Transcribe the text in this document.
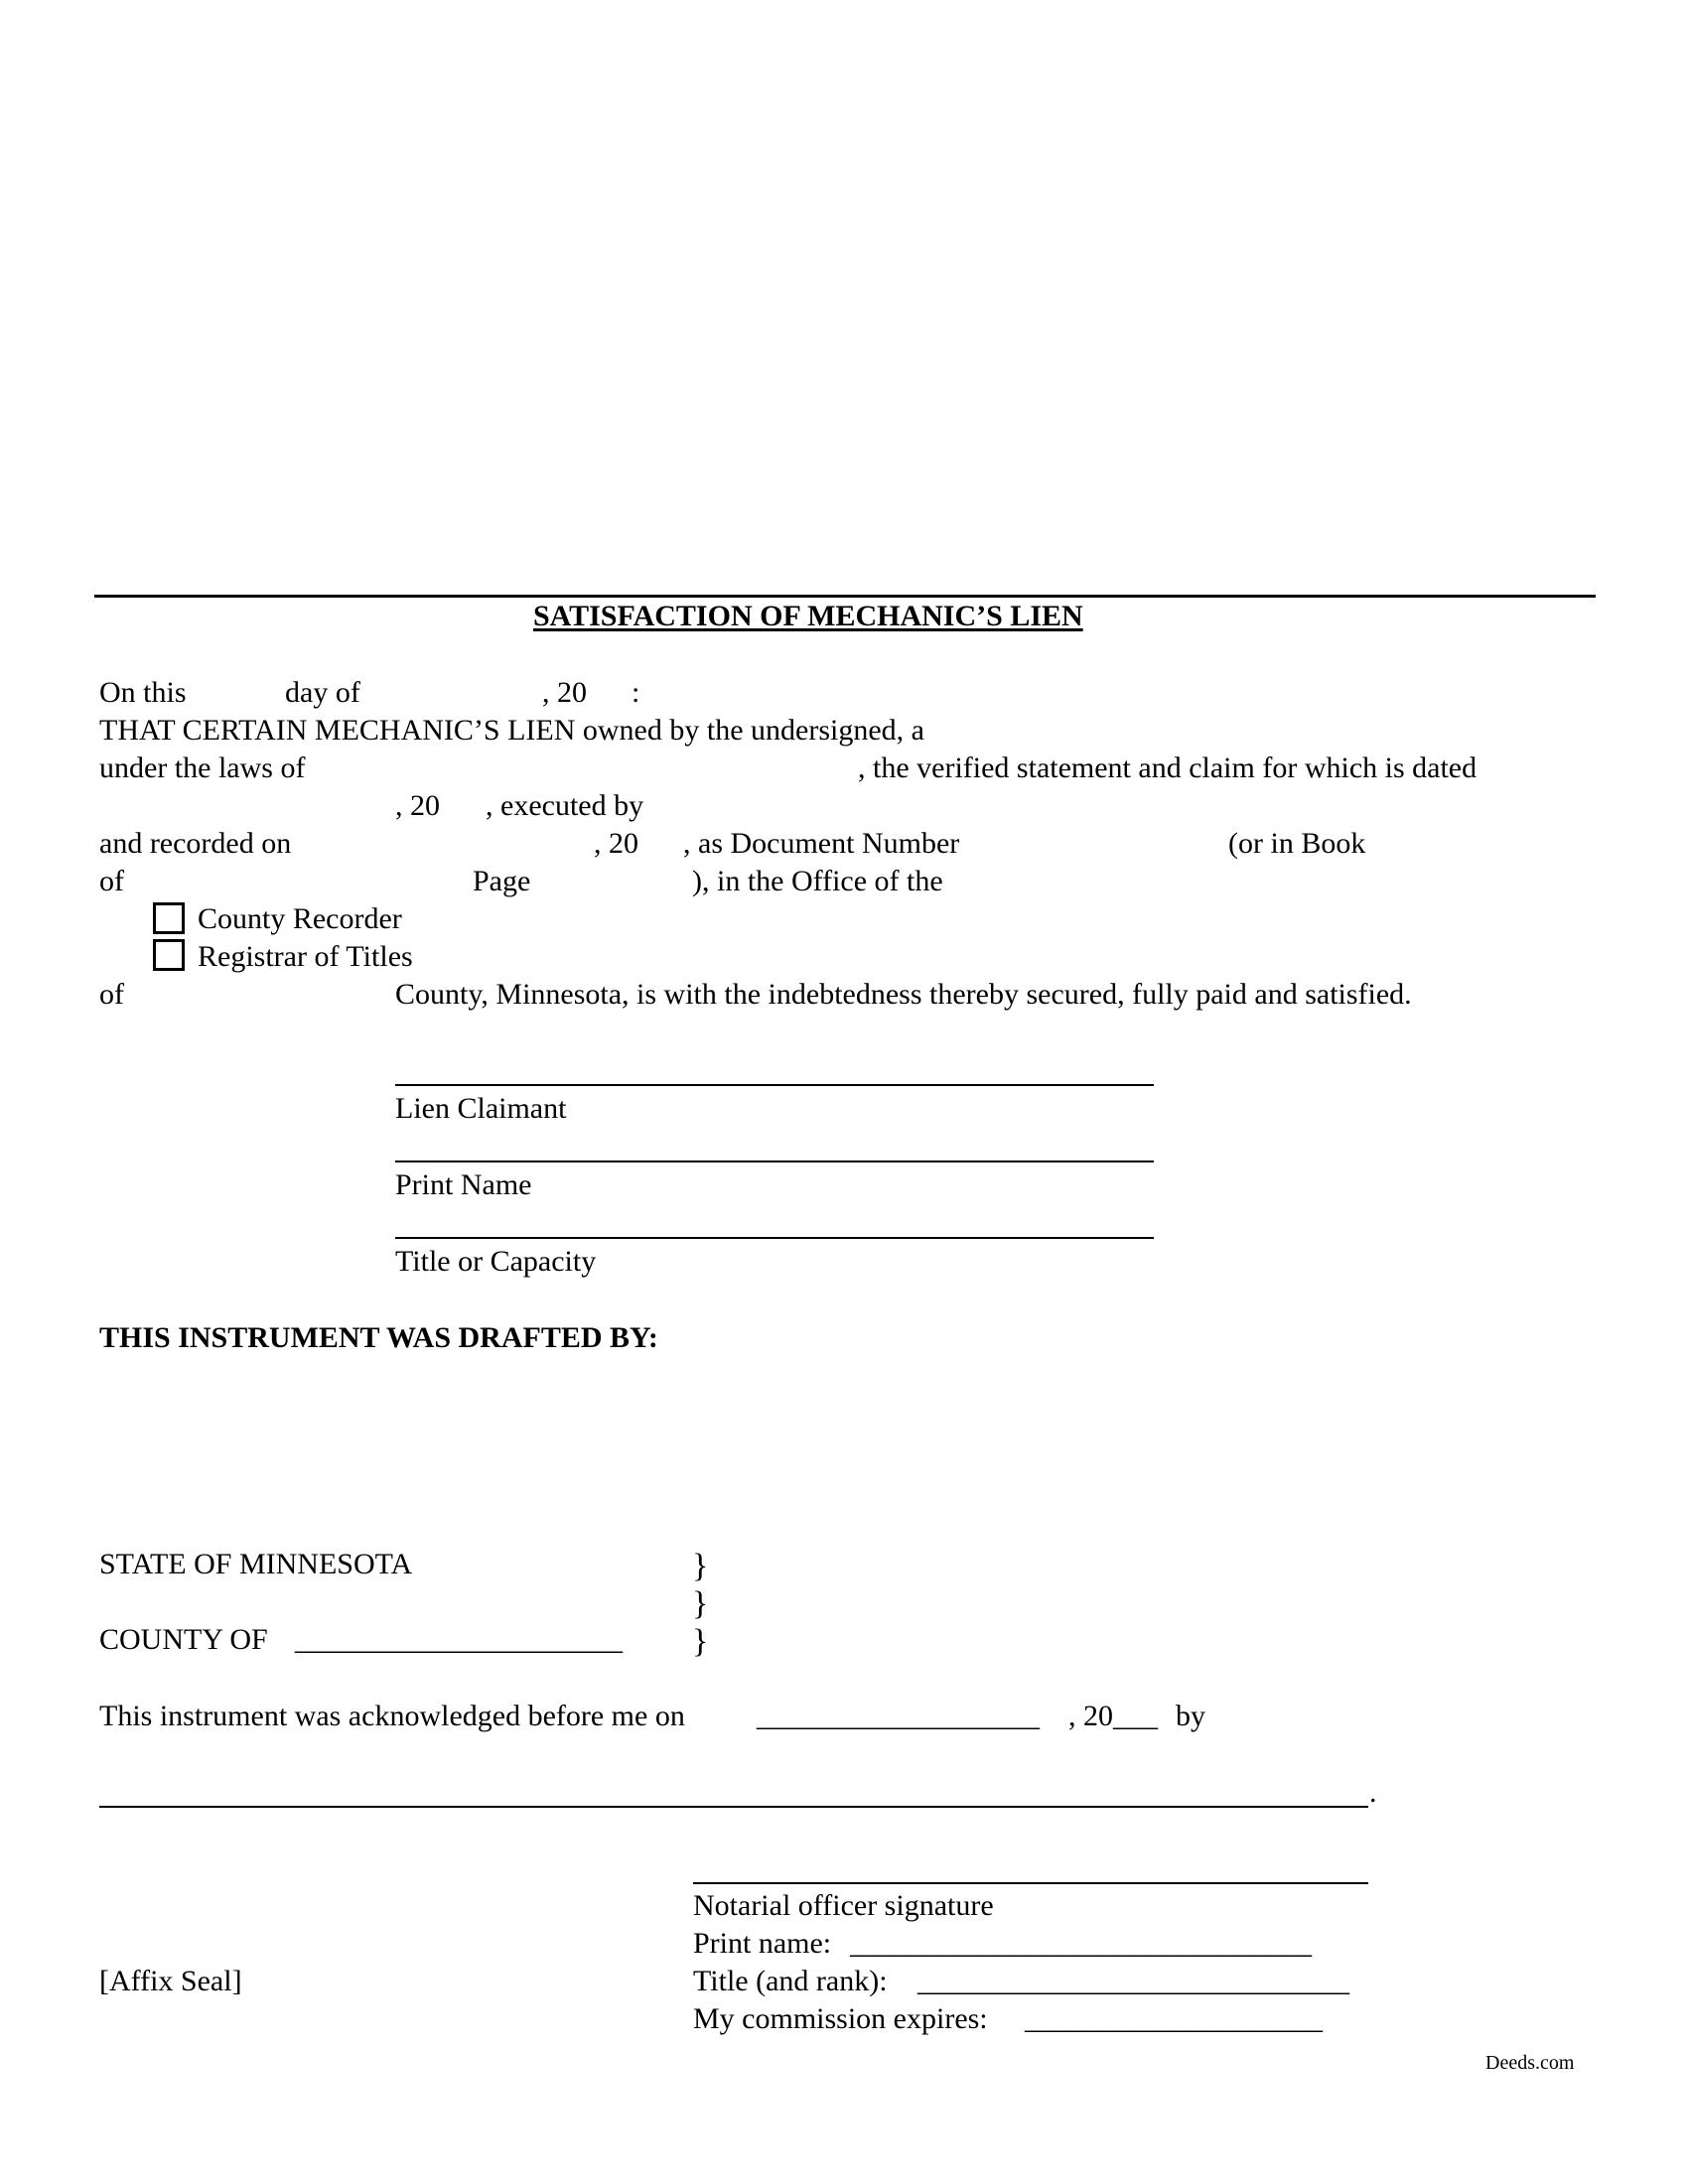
SATISFACTION OF MECHANIC’S LIEN
On this	day of	, 20 :
THAT CERTAIN MECHANIC’S LIEN owned by the undersigned, a
under the laws of	, the verified statement and claim for which is dated
, 20 , executed by
and recorded on	, 20 , as Document Number	(or in Book
of	Page	), in the Office of the
County Recorder
Registrar of Titles
of	County, Minnesota, is with the indebtedness thereby secured, fully paid and satisfied.
Lien Claimant
Print Name
Title or Capacity
THIS INSTRUMENT WAS DRAFTED BY:
STATE OF MINNESOTA	}
}
COUNTY OF ______________________ }
This instrument was acknowledged before me on ___________________ , 20___ by
.
Notarial officer signature
Print name: _______________________________
[Affix Seal]	Title (and rank): _____________________________
My commission expires: ____________________
Deeds.com
